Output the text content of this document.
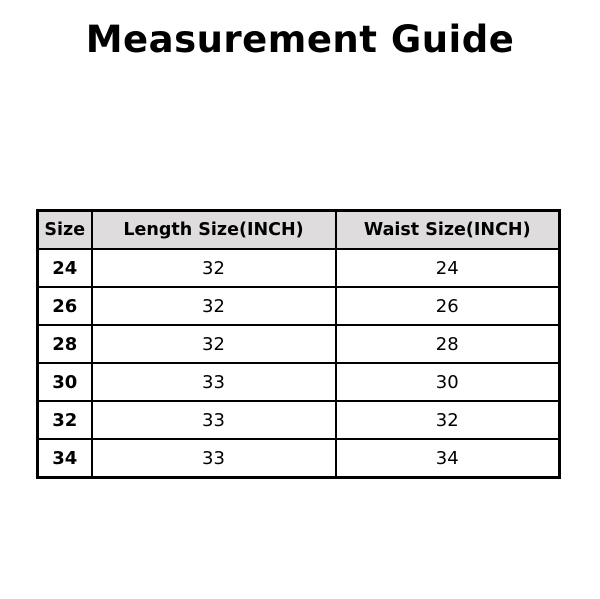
Measurement Guide
Size	Length Size(INCH)	Waist Size(INCH)
24	32	24
26	32	26
28	32	28
30	33	30
32	33	32
34	33	34
